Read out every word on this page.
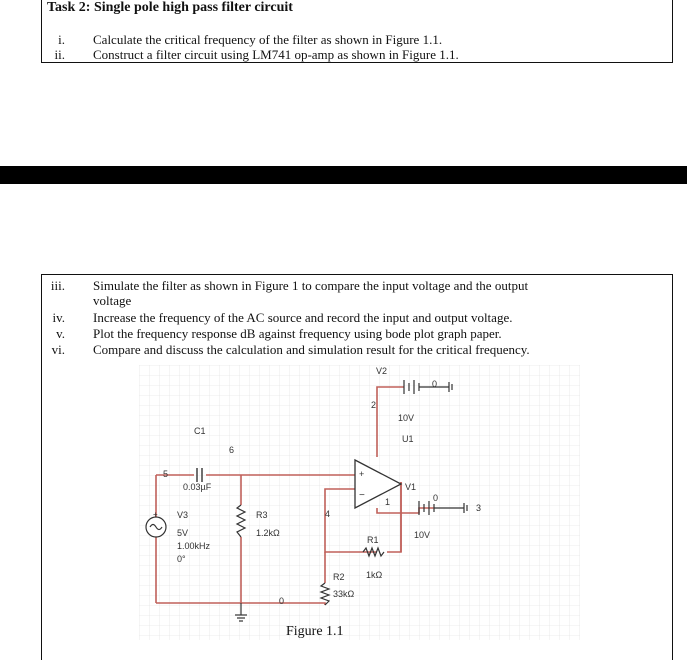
Task 2: Single pole high pass filter circuit
i. Calculate the critical frequency of the filter as shown in Figure 1.1.
ii. Construct a filter circuit using LM741 op-amp as shown in Figure 1.1.
iii. Simulate the filter as shown in Figure 1 to compare the input voltage and the output
voltage
iv. Increase the frequency of the AC source and record the input and output voltage.
v. Plot the frequency response dB against frequency using bode plot graph paper.
vi. Compare and discuss the calculation and simulation result for the critical frequency.
+
+
−
V2
10V
0
U1
2
C1
6
5
0.03µF	V1
1	0
3
10V
V3
5V
1.00kHz
0°
R3
1.2kΩ
4
R1
1kΩ
R2
33kΩ
0
Figure 1.1
